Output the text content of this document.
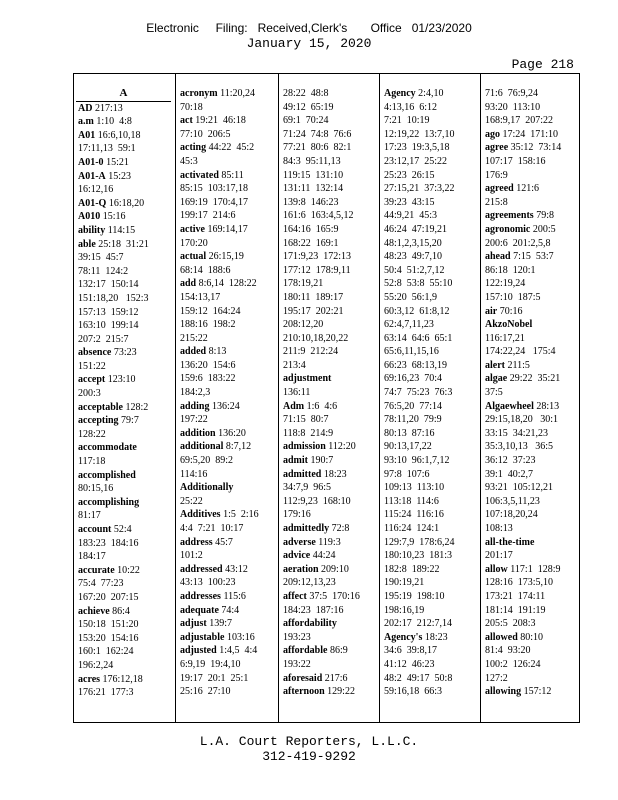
Electronic     Filing:   Received,Clerk's       Office   01/23/2020
January 15, 2020
Page 218
A

AD 217:13

a.m 1:10  4:8

A01 16:6,10,18
17:11,13  59:1

A01-0 15:21

A01-A 15:23
16:12,16

A01-Q 16:18,20

A010 15:16

ability 114:15

able 25:18  31:21
39:15  45:7
78:11  124:2
132:17  150:14
151:18,20   152:3
157:13  159:12
163:10  199:14
207:2  215:7

absence 73:23
151:22

accept 123:10
200:3

acceptable 128:2

accepting 79:7
128:22

accommodate
117:18

accomplished
80:15,16

accomplishing
81:17

account 52:4
183:23  184:16
184:17

accurate 10:22
75:4  77:23
167:20  207:15

achieve 86:4
150:18  151:20
153:20  154:16
160:1  162:24
196:2,24

acres 176:12,18
176:21  177:3

acronym 11:20,24
70:18

act 19:21  46:18
77:10  206:5

acting 44:22  45:2
45:3

activated 85:11
85:15  103:17,18
169:19  170:4,17
199:17  214:6

active 169:14,17
170:20

actual 26:15,19
68:14  188:6

add 8:6,14  128:22
154:13,17
159:12  164:24
188:16  198:2
215:22

added 8:13
136:20  154:6
159:6  183:22
184:2,3

adding 136:24
197:22

addition 136:20

additional 8:7,12
69:5,20  89:2
114:16

Additionally
25:22

Additives 1:5  2:16
4:4  7:21  10:17

address 45:7
101:2

addressed 43:12
43:13  100:23

addresses 115:6

adequate 74:4

adjust 139:7

adjustable 103:16

adjusted 1:4,5  4:4
6:9,19  19:4,10
19:17  20:1  25:1
25:16  27:10

28:22  48:8
49:12  65:19
69:1  70:24
71:24  74:8  76:6
77:21  80:6  82:1
84:3  95:11,13
119:15  131:10
131:11  132:14
139:8  146:23
161:6  163:4,5,12
164:16  165:9
168:22  169:1
171:9,23  172:13
177:12  178:9,11
178:19,21
180:11  189:17
195:17  202:21
208:12,20
210:10,18,20,22
211:9  212:24
213:4

adjustment
136:11

Adm 1:6  4:6
71:15  80:7
118:8  214:9

admission 112:20

admit 190:7

admitted 18:23
34:7,9  96:5
112:9,23  168:10
179:16

admittedly 72:8

adverse 119:3

advice 44:24

aeration 209:10
209:12,13,23

affect 37:5  170:16
184:23  187:16

affordability
193:23

affordable 86:9
193:22

aforesaid 217:6

afternoon 129:22

Agency 2:4,10
4:13,16  6:12
7:21  10:19
12:19,22  13:7,10
17:23  19:3,5,18
23:12,17  25:22
25:23  26:15
27:15,21  37:3,22
39:23  43:15
44:9,21  45:3
46:24  47:19,21
48:1,2,3,15,20
48:23  49:7,10
50:4  51:2,7,12
52:8  53:8  55:10
55:20  56:1,9
60:3,12  61:8,12
62:4,7,11,23
63:14  64:6  65:1
65:6,11,15,16
66:23  68:13,19
69:16,23  70:4
74:7  75:23  76:3
76:5,20  77:14
78:11,20  79:9
80:13  87:16
90:13,17,22
93:10  96:1,7,12
97:8  107:6
109:13  113:10
113:18  114:6
115:24  116:16
116:24  124:1
129:7,9  178:6,24
180:10,23  181:3
182:8  189:22
190:19,21
195:19  198:10
198:16,19
202:17  212:7,14

Agency's 18:23
34:6  39:8,17
41:12  46:23
48:2  49:17  50:8
59:16,18  66:3

71:6  76:9,24
93:20  113:10
168:9,17  207:22

ago 17:24  171:10

agree 35:12  73:14
107:17  158:16
176:9

agreed 121:6
215:8

agreements 79:8

agronomic 200:5
200:6  201:2,5,8

ahead 7:15  53:7
86:18  120:1
122:19,24
157:10  187:5

air 70:16

AkzoNobel
116:17,21
174:22,24   175:4

alert 211:5

algae 29:22  35:21
37:5

Algaewheel 28:13
29:15,18,20   30:1
33:15  34:21,23
35:3,10,13   36:5
36:12  37:23
39:1  40:2,7
93:21  105:12,21
106:3,5,11,23
107:18,20,24
108:13

all-the-time
201:17

allow 117:1  128:9
128:16  173:5,10
173:21  174:11
181:14  191:19
205:5  208:3

allowed 80:10
81:4  93:20
100:2  126:24
127:2

allowing 157:12

L.A. Court Reporters, L.L.C.
312-419-9292
